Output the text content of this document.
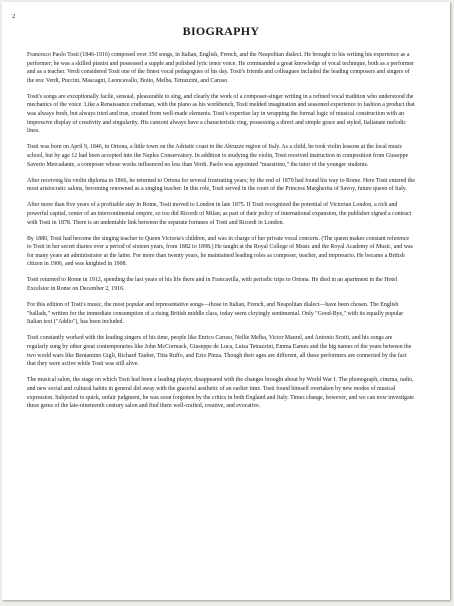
2
BIOGRAPHY

Francesco Paolo Tosti (1846-1916) composed over 350 songs, in Italian, English, French, and the Neapolitan dialect. He brought to his writing his experience as a performer; he was a skilled pianist and possessed a supple and polished lyric tenor voice. He commanded a great knowledge of vocal technique, both as a performer and as a teacher. Verdi considered Tosti one of the finest vocal pedagogues of his day. Tosti's friends and colleagues included the leading composers and singers of the era: Verdi, Puccini, Mascagni, Leoncavallo, Boito, Melba, Tetrazzini, and Caruso.

Tosti's songs are exceptionally facile, sensual, pleasurable to sing, and clearly the work of a composer-singer writing in a refined vocal tradition who understood the mechanics of the voice. Like a Renaissance craftsman, with the piano as his workbench, Tosti melded imagination and seasoned experience to fashion a product that was always fresh, but always tried and true, created from well-made elements. Tosti's expertise lay in wrapping the formal logic of musical construction with an impressive display of creativity and singularity. His canzoni always have a characteristic ring, possessing a direct and simple grace and styled, Italianate melodic lines.

Tosti was born on April 9, 1846, in Ortona, a little town on the Adriatic coast in the Abruzze region of Italy. As a child, he took violin lessons at the local music school, but by age 12 had been accepted into the Naples Conservatory. In addition to studying the violin, Tosti received instruction in composition from Giuseppe Saverio Mercadante, a composer whose works influenced no less than Verdi. Paolo was appointed "maestrino," the tutor of the younger students.

After receiving his violin diploma in 1866, he returned to Ortona for several frustrating years; by the end of 1870 had found his way to Rome. Here Tosti entered the most aristocratic salons, becoming renowned as a singing teacher. In this role, Tosti served in the court of the Princess Margherita of Savoy, future queen of Italy.

After more than five years of a profitable stay in Rome, Tosti moved to London in late 1875. If Tosti recognized the potential of Victorian London, a rich and powerful capital, center of an intercontinental empire, so too did Ricordi of Milan; as part of their policy of international expansion, the publisher signed a contract with Tosti in 1878. There is an undeniable link between the separate fortunes of Tosti and Ricordi in London.

By 1880, Tosti had become the singing teacher to Queen Victoria's children, and was in charge of her private vocal concerts. (The queen makes constant reference to Tosti in her secret diaries over a period of sixteen years, from 1882 to 1898.) He taught at the Royal College of Music and the Royal Academy of Music, and was for many years an administrator at the latter. For more than twenty years, he maintained leading roles as composer, teacher, and impresario. He became a British citizen in 1906, and was knighted in 1908.

Tosti returned to Rome in 1912, spending the last years of his life there and in Francavilla, with periodic trips to Ortona. He died in an apartment in the Hotel Excelsior in Rome on December 2, 1916.

For this edition of Tosti's music, the most popular and representative songs—those in Italian, French, and Neapolitan dialect—have been chosen. The English "ballads," written for the immediate consumption of a rising British middle class, today seem cloyingly sentimental. Only "Good-Bye," with its equally popular Italian text ("Addio"), has been included.

Tosti constantly worked with the leading singers of his time, people like Enrico Caruso, Nellie Melba, Victor Maurel, and Antonio Scotti, and his songs are regularly sung by other great contemporaries like John McCormack, Giuseppe de Luca, Luisa Tetrazzini, Emma Eames and the big names of the years between the two world wars like Beniamino Gigli, Richard Tauber, Titta Ruffo, and Ezio Pinza. Though their ages are different, all these performers are connected by the fact that they were active while Tosti was still alive.

The musical salon, the stage on which Tosti had been a leading player, disappeared with the changes brought about by World War I. The phonograph, cinema, radio, and new social and cultural habits in general did away with the graceful aesthetic of an earlier time. Tosti found himself overtaken by new modes of musical expression. Subjected to quick, unfair judgment, he was soon forgotten by the critics in both England and Italy. Times change, however, and we can now investigate these gems of the late-nineteenth century salon and find them well-crafted, creative, and evocative.
